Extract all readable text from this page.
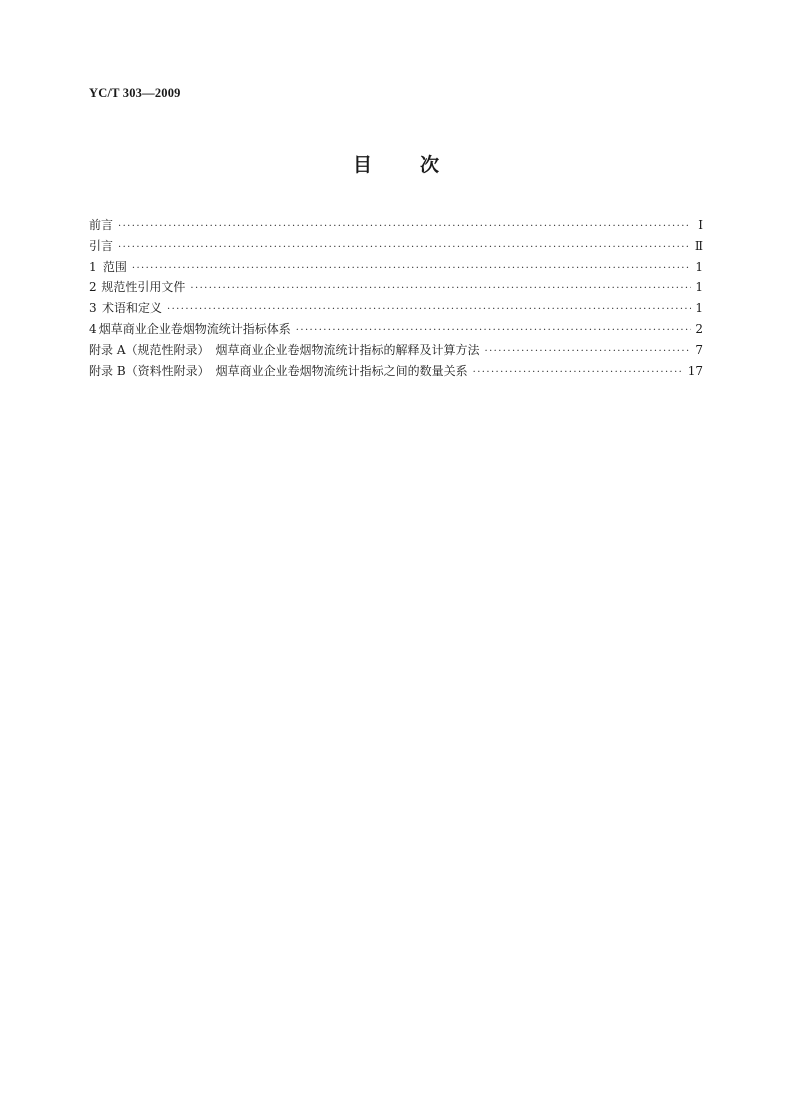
YC/T 303—2009
目	次
前言 ·····	Ⅰ
引言 ·····	Ⅱ
1 范围 ·····	1
2 规范性引用文件 ·····	1
3 术语和定义 ·····	1
4 烟草商业企业卷烟物流统计指标体系 ·····	2
附录 A（规范性附录）　烟草商业企业卷烟物流统计指标的解释及计算方法 ·····	7
附录 B（资料性附录）　烟草商业企业卷烟物流统计指标之间的数量关系 ·····	17
